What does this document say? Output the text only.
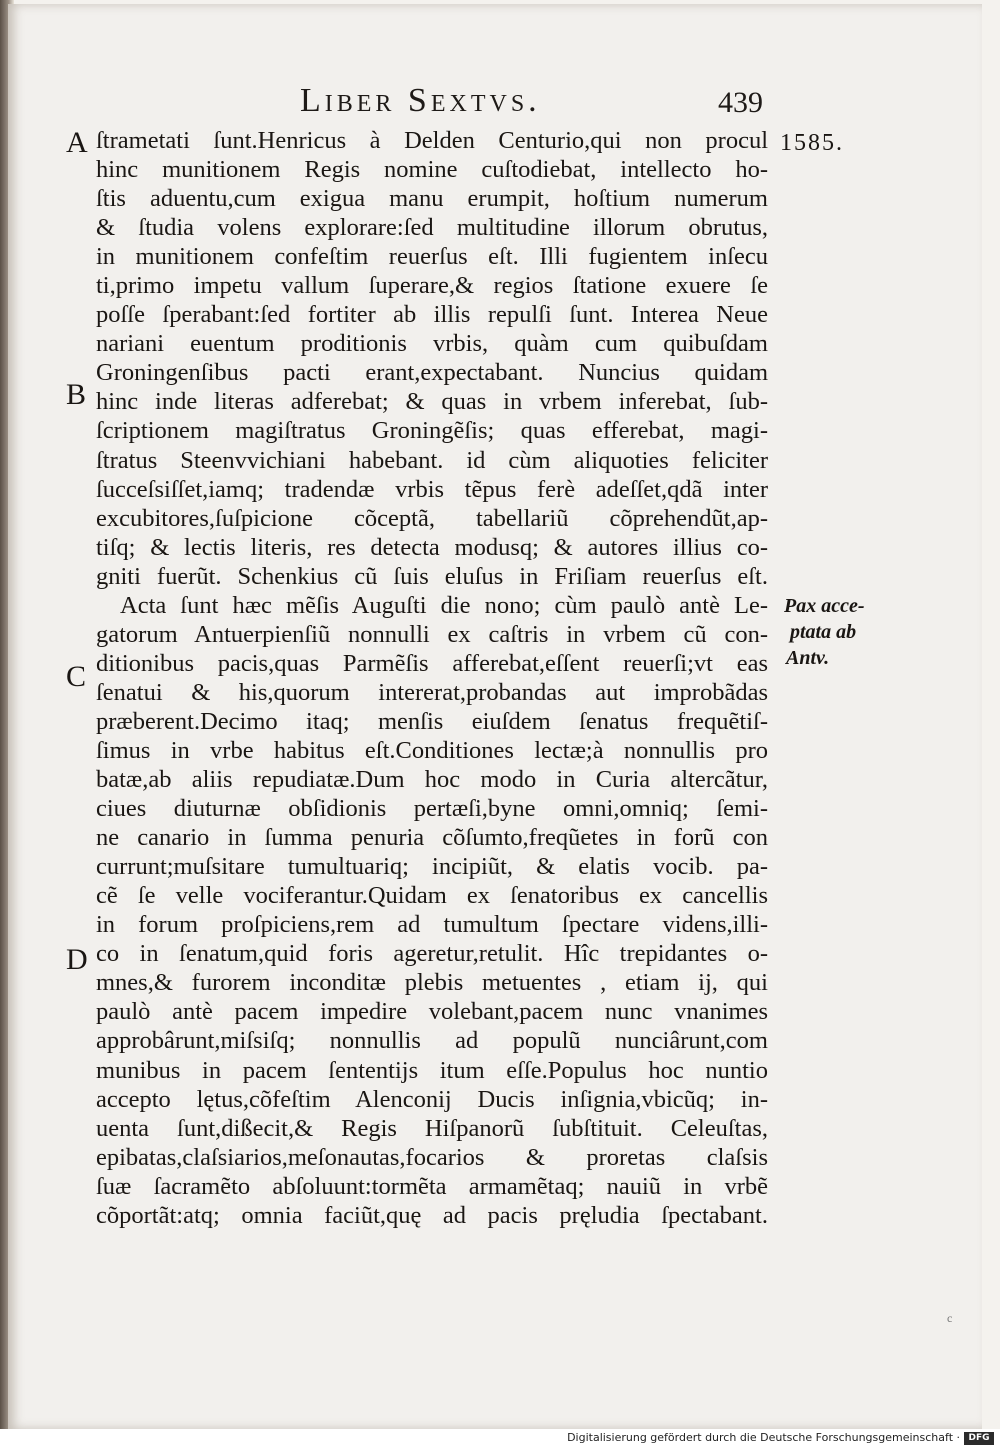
Liber Sextvs.	439
1585.
A
B
C
D
Pax acce-
ptata ab
Antv.
ſtrametati ſunt.Henricus à Delden Centurio,qui non procul
hinc munitionem Regis nomine cuſtodiebat, intellecto ho-
ſtis aduentu,cum exigua manu erumpit, hoſtium numerum
& ſtudia volens explorare:ſed multitudine illorum obrutus,
in munitionem confeſtim reuerſus eſt. Illi fugientem inſecu
ti,primo impetu vallum ſuperare,& regios ſtatione exuere ſe
poſſe ſperabant:ſed fortiter ab illis repulſi ſunt. Interea Neue
nariani euentum proditionis vrbis, quàm cum quibuſdam
Groningenſibus pacti erant,expectabant. Nuncius quidam
hinc inde literas adferebat; & quas in vrbem inferebat, ſub-
ſcriptionem magiſtratus Groningẽſis; quas efferebat, magi-
ſtratus Steenvvichiani habebant. id cùm aliquoties feliciter
ſucceſsiſſet,iamq; tradendæ vrbis tẽpus ferè adeſſet,qdã inter
excubitores,ſuſpicione cõceptã, tabellariũ cõprehendũt,ap-
tiſq; & lectis literis, res detecta modusq; & autores illius co-
gniti fuerũt. Schenkius cũ ſuis eluſus in Friſiam reuerſus eſt.
Acta ſunt hæc mẽſis Auguſti die nono; cùm paulò antè Le-
gatorum Antuerpienſiũ nonnulli ex caſtris in vrbem cũ con-
ditionibus pacis,quas Parmẽſis afferebat,eſſent reuerſi;vt eas
ſenatui & his,quorum intererat,probandas aut improbãdas
præberent.Decimo itaq; menſis eiuſdem ſenatus frequẽtiſ-
ſimus in vrbe habitus eſt.Conditiones lectæ;à nonnullis pro
batæ,ab aliis repudiatæ.Dum hoc modo in Curia altercãtur,
ciues diuturnæ obſidionis pertæſi,byne omni,omniq; ſemi-
ne canario in ſumma penuria cõſumto,freqũetes in forũ con
currunt;muſsitare tumultuariq; incipiũt, & elatis vocib. pa-
cẽ ſe velle vociferantur.Quidam ex ſenatoribus ex cancellis
in forum proſpiciens,rem ad tumultum ſpectare videns,illi-
co in ſenatum,quid foris ageretur,retulit. Hîc trepidantes o-
mnes,& furorem inconditæ plebis metuentes , etiam ij, qui
paulò antè pacem impedire volebant,pacem nunc vnanimes
approbârunt,miſsiſq; nonnullis ad populũ nunciârunt,com
munibus in pacem ſententijs itum eſſe.Populus hoc nuntio
accepto lętus,cõfeſtim Alenconij Ducis inſignia,vbicũq; in-
uenta ſunt,dißecit,& Regis Hiſpanorũ ſubſtituit. Celeuſtas,
epibatas,claſsiarios,meſonautas,focarios & proretas claſsis
ſuæ ſacramẽto abſoluunt:tormẽta armamẽtaq; nauiũ in vrbẽ
cõportãt:atq; omnia faciũt,quę ad pacis pręludia ſpectabant.
c
Digitalisierung gefördert durch die Deutsche Forschungsgemeinschaft · DFG
